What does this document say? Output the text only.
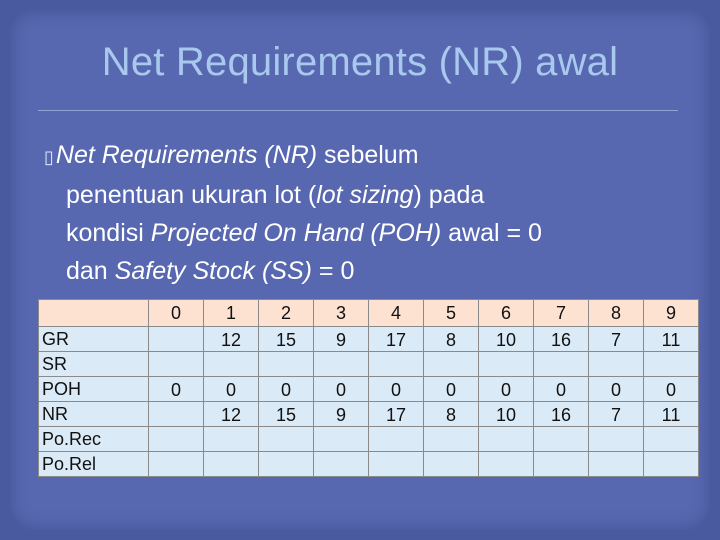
Net Requirements (NR) awal
▯Net Requirements (NR) sebelum
penentuan ukuran lot (lot sizing) pada
kondisi Projected On Hand (POH) awal = 0
dan Safety Stock (SS) = 0
	0	1	2	3	4	5	6	7	8	9
GR		12	15	9	17	8	10	16	7	11
SR										
POH	0	0	0	0	0	0	0	0	0	0
NR		12	15	9	17	8	10	16	7	11
Po.Rec										
Po.Rel										
